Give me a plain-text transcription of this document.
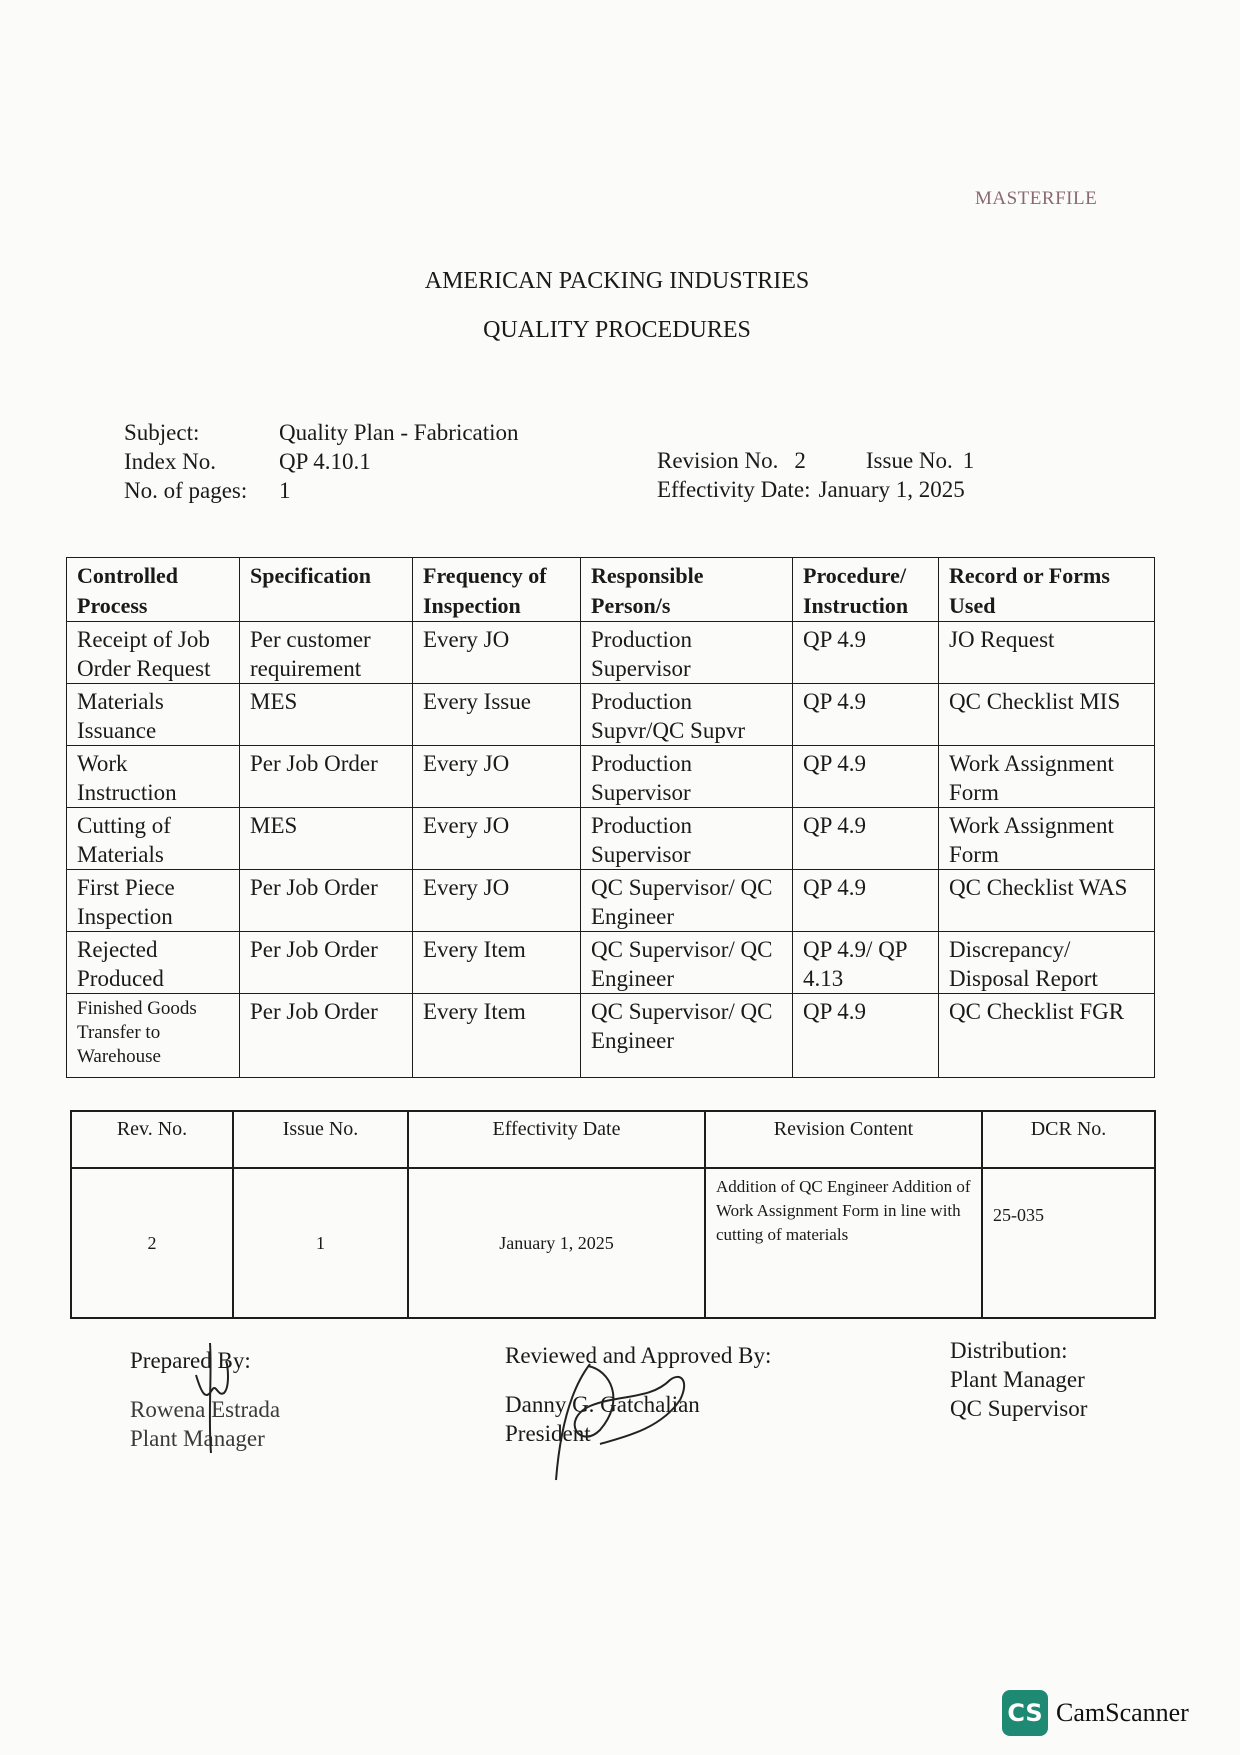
MASTERFILE
AMERICAN PACKING INDUSTRIES
QUALITY PROCEDURES
Subject:	Quality Plan - Fabrication
Index No.	QP 4.10.1
No. of pages:	1
Revision No. 2	Issue No. 1
Effectivity Date: January 1, 2025
Controlled Process	Specification	Frequency of Inspection	Responsible Person/s	Procedure/ Instruction	Record or Forms Used
Receipt of Job Order Request	Per customer requirement	Every JO	Production Supervisor	QP 4.9	JO Request
Materials Issuance	MES	Every Issue	Production Supvr/QC Supvr	QP 4.9	QC Checklist MIS
Work Instruction	Per Job Order	Every JO	Production Supervisor	QP 4.9	Work Assignment Form
Cutting of Materials	MES	Every JO	Production Supervisor	QP 4.9	Work Assignment Form
First Piece Inspection	Per Job Order	Every JO	QC Supervisor/ QC Engineer	QP 4.9	QC Checklist WAS
Rejected Produced	Per Job Order	Every Item	QC Supervisor/ QC Engineer	QP 4.9/ QP 4.13	Discrepancy/ Disposal Report
Finished Goods Transfer to Warehouse	Per Job Order	Every Item	QC Supervisor/ QC Engineer	QP 4.9	QC Checklist FGR
Rev. No.	Issue No.	Effectivity Date	Revision Content	DCR No.
2	1	January 1, 2025	Addition of QC Engineer Addition of Work Assignment Form in line with cutting of materials	25-035
Prepared By:
Rowena Estrada
Plant Manager
Reviewed and Approved By:
Danny G. Gatchalian
President
Distribution:
Plant Manager
QC Supervisor
CS CamScanner
